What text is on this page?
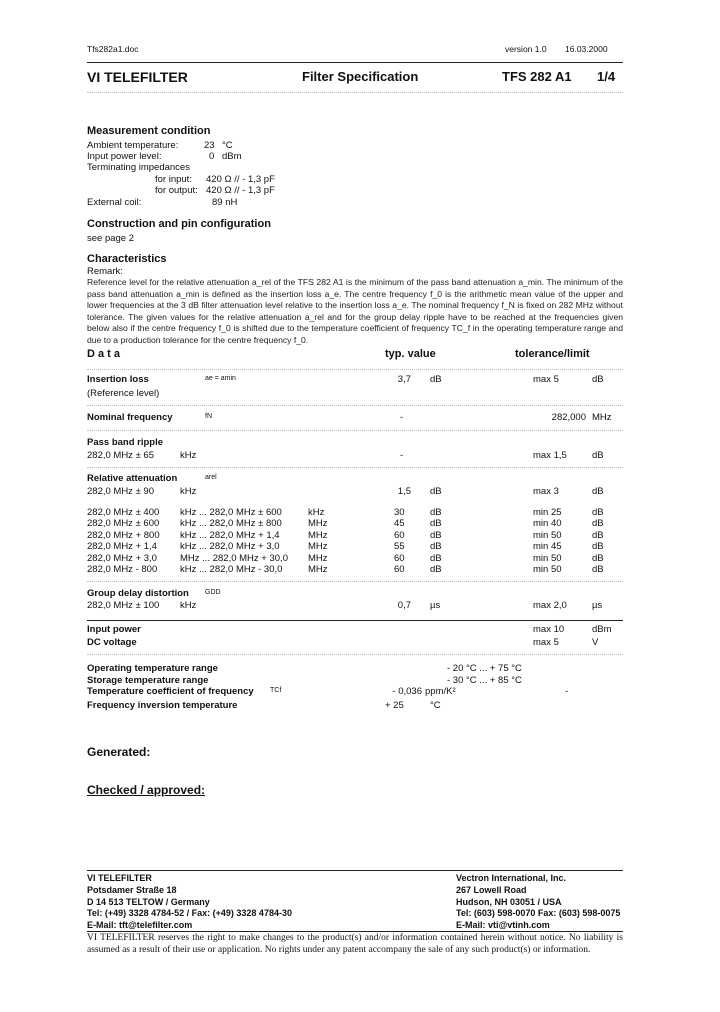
Tfs282a1.doc	version 1.0 16.03.2000
VI TELEFILTER	Filter Specification	TFS 282 A1 1/4
Measurement condition
Ambient temperature:	23 °C
Input power level:	0 dBm
Terminating impedances
for input: 420 Ω // - 1,3 pF
for output: 420 Ω // - 1,3 pF
External coil:	89 nH
Construction and pin configuration
see page 2
Characteristics
Remark:
Reference level for the relative attenuation a_rel of the TFS 282 A1 is the minimum of the pass band attenuation a_min. The minimum of the pass band attenuation a_min is defined as the insertion loss a_e. The centre frequency f_0 is the arithmetic mean value of the upper and lower frequencies at the 3 dB filter attenuation level relative to the insertion loss a_e. The nominal frequency f_N is fixed on 282 MHz without tolerance. The given values for the relative attenuation a_rel and for the group delay ripple have to be reached at the frequencies given below also if the centre frequency f_0 is shifted due to the temperature coefficient of frequency TC_f in the operating temperature range and due to a production tolerance for the centre frequency f_0.
D a t a	typ. value	tolerance/limit
Insertion loss
(Reference level)
ae = amin	3,7 dB	max 5	dB
Nominal frequency	fN	-	282,000 MHz
Pass band ripple
282,0 MHz ± 65	kHz	-	max 1,5	dB
Relative attenuation	arel
282,0 MHz ± 90	kHz	1,5 dB	max 3	dB
282,0 MHz ± 400 kHz ... 282,0 MHz ± 600	kHz	30	dB	min 25	dB
282,0 MHz ± 600 kHz ... 282,0 MHz ± 800	MHz	45	dB	min 40	dB
282,0 MHz + 800 kHz ... 282,0 MHz + 1,4	MHz	60	dB	min 50	dB
282,0 MHz + 1,4 kHz ... 282,0 MHz + 3,0	MHz	55	dB	min 45	dB
282,0 MHz + 3,0 MHz ... 282,0 MHz + 30,0 MHz	60	dB	min 50	dB
282,0 MHz - 800 kHz ... 282,0 MHz - 30,0	MHz	60	dB	min 50	dB
Group delay distortion GDD
282,0 MHz ± 100 kHz	0,7 µs	max 2,0	µs
Input power	max 10	dBm
DC voltage	max 5	V
Operating temperature range	- 20 °C ... + 75 °C
Storage temperature range	- 30 °C ... + 85 °C
Temperature coefficient of frequency TCf	- 0,036 ppm/K²	-
Frequency inversion temperature	+ 25	°C
Generated:
Checked / approved:
VI TELEFILTER	Vectron International, Inc.
Potsdamer Straße 18	267 Lowell Road
D 14 513 TELTOW / Germany	Hudson, NH 03051 / USA
Tel: (+49) 3328 4784-52 / Fax: (+49) 3328 4784-30	Tel: (603) 598-0070 Fax: (603) 598-0075
E-Mail: tft@telefilter.com	E-Mail: vti@vtinh.com
VI TELEFILTER reserves the right to make changes to the product(s) and/or information contained herein without notice. No liability is assumed as a result of their use or application. No rights under any patent accompany the sale of any such product(s) or information.
